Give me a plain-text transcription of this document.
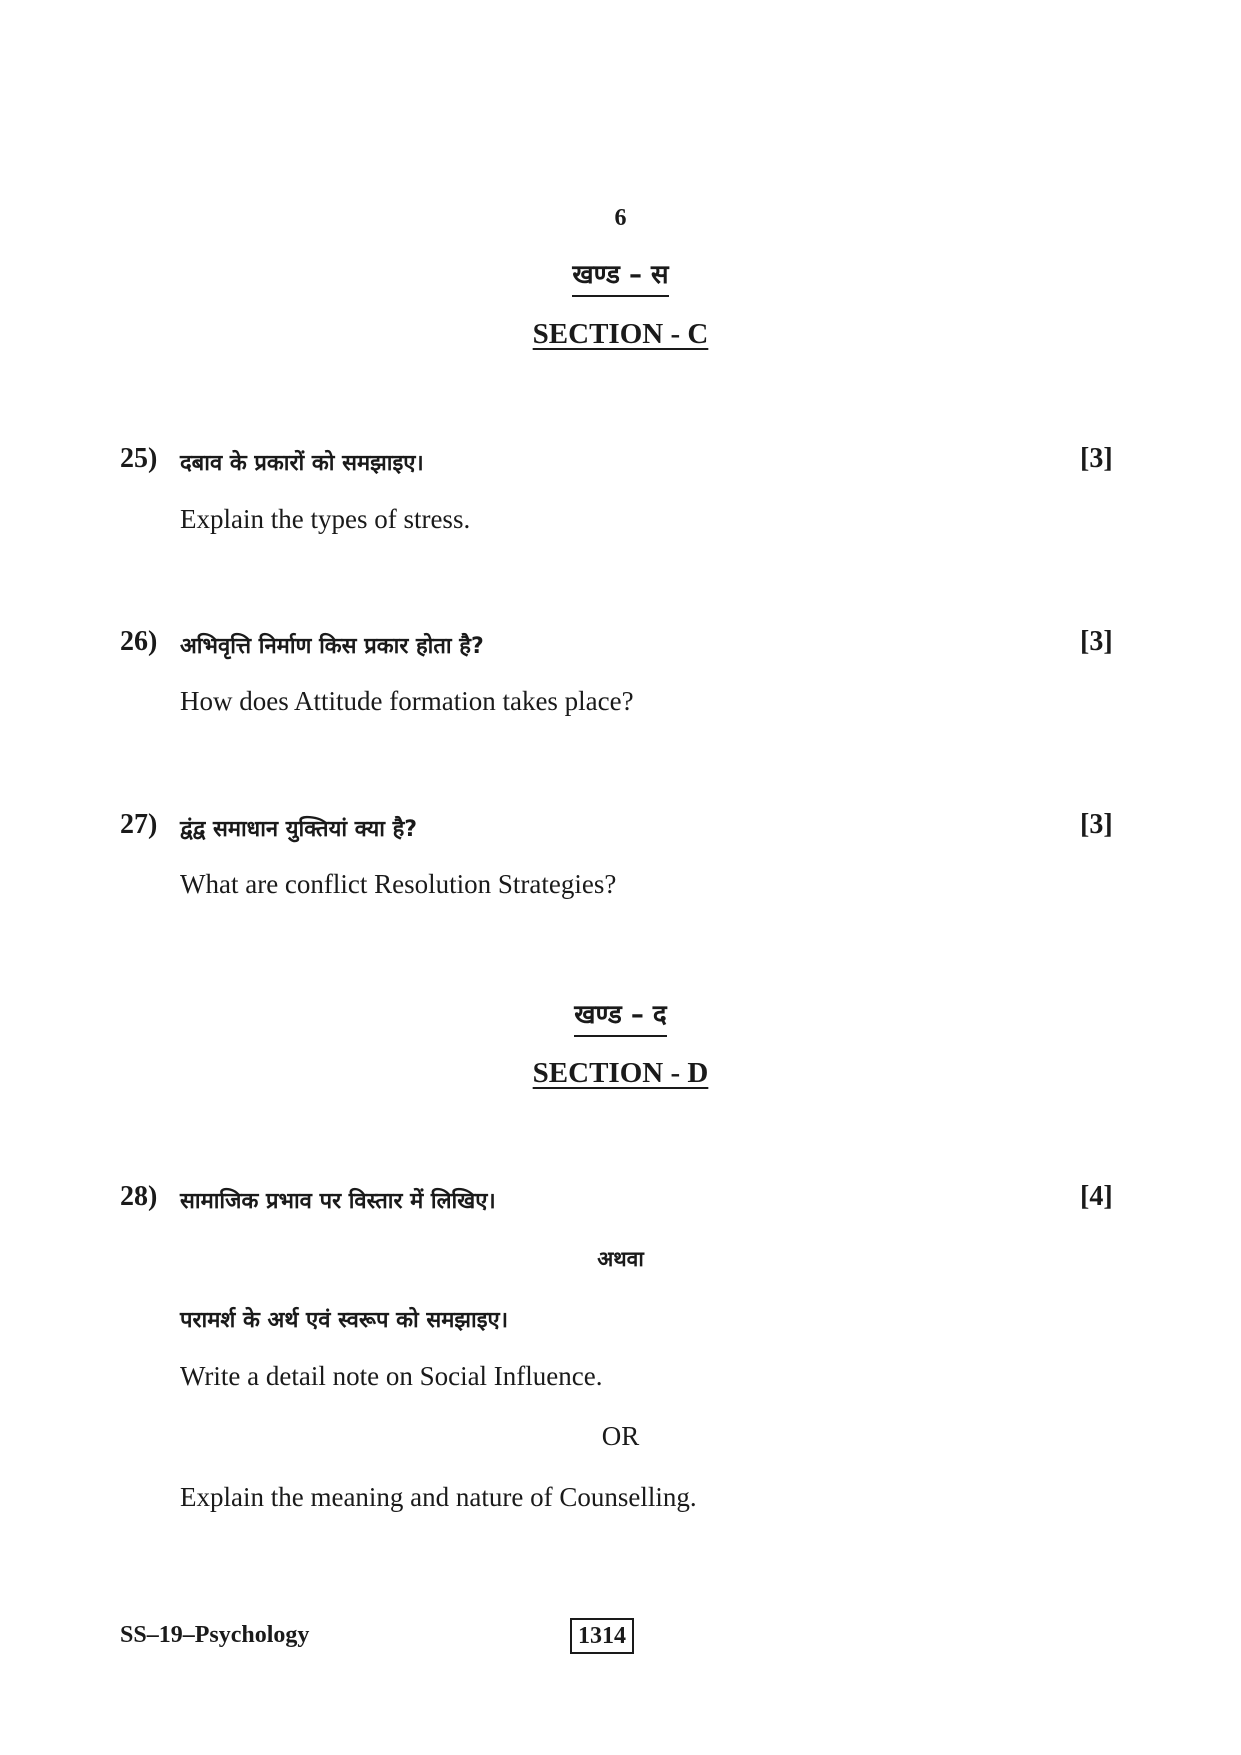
6
खण्ड – स
SECTION - C
25) दबाव के प्रकारों को समझाइए।	[3]
Explain the types of stress.
26) अभिवृत्ति निर्माण किस प्रकार होता है?	[3]
How does Attitude formation takes place?
27) द्वंद्व समाधान युक्तियां क्या है?	[3]
What are conflict Resolution Strategies?
खण्ड – द
SECTION - D
28) सामाजिक प्रभाव पर विस्तार में लिखिए।	[4]
अथवा
परामर्श के अर्थ एवं स्वरूप को समझाइए।
Write a detail note on Social Influence.
OR
Explain the meaning and nature of Counselling.
SS–19–Psychology	1314
